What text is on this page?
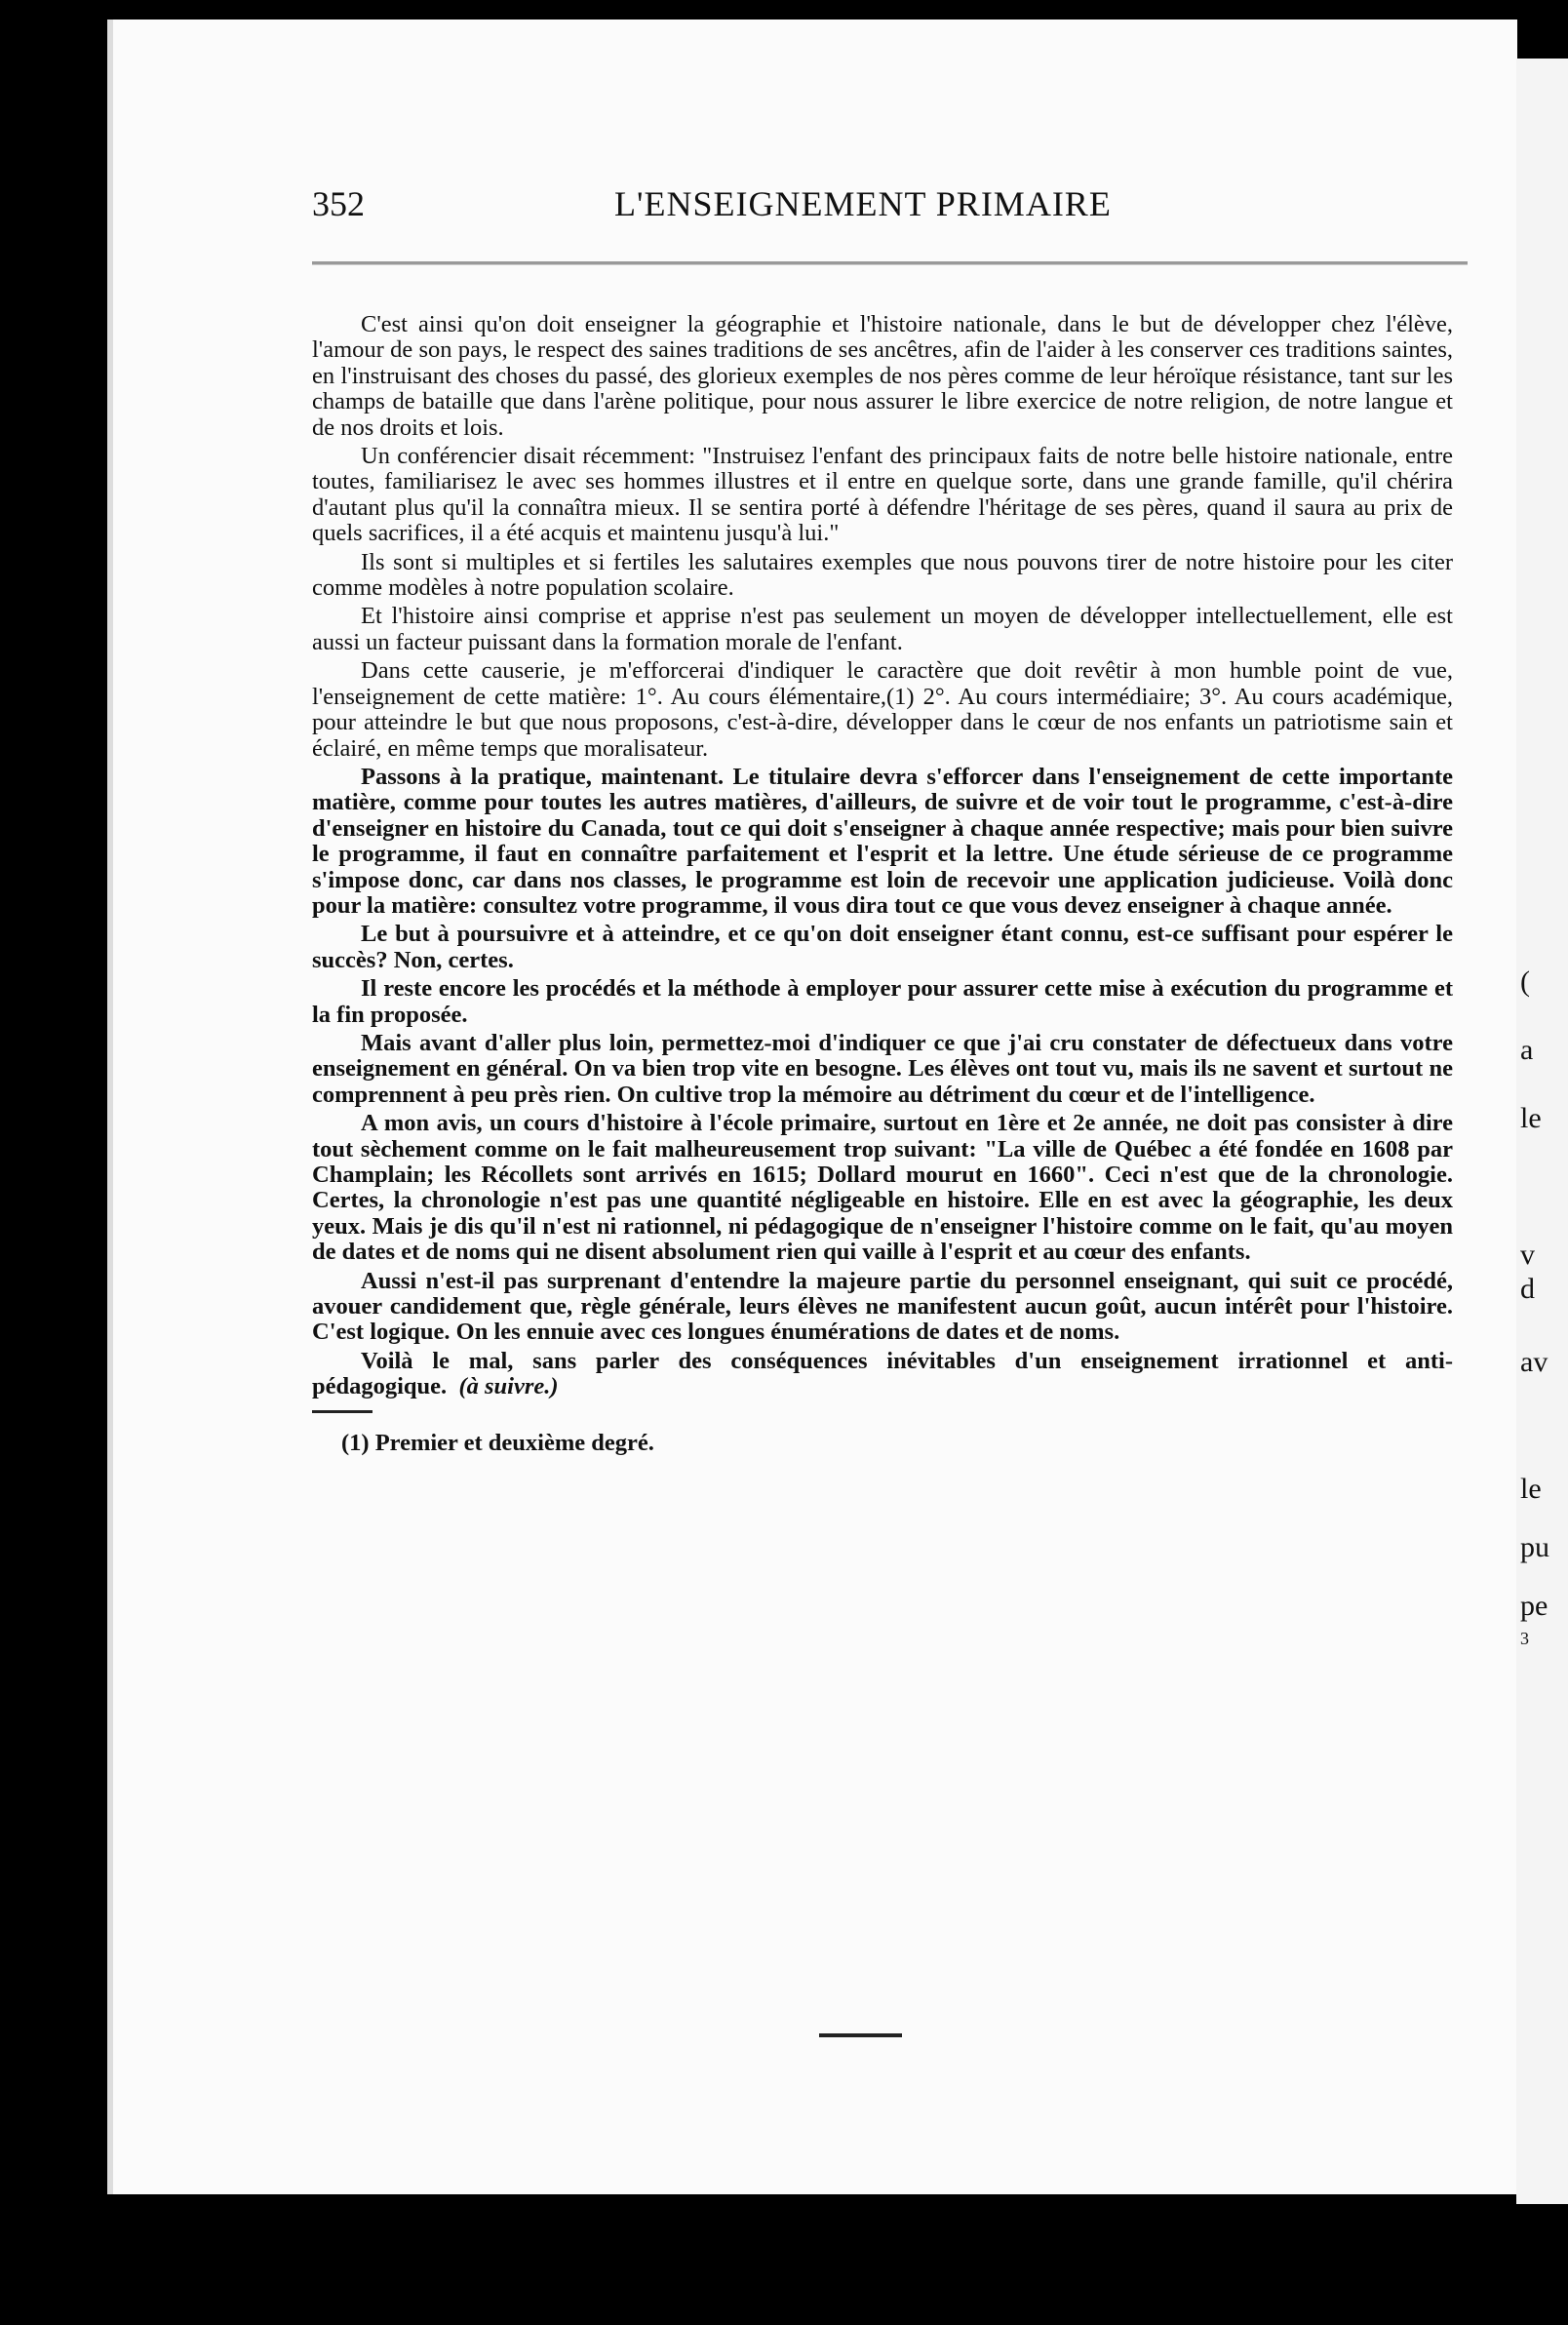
(
a
le
v
d
av
le
pu
pe
3
352	L'ENSEIGNEMENT PRIMAIRE

C'est ainsi qu'on doit enseigner la géographie et l'histoire nationale, dans le but de développer chez l'élève, l'amour de son pays, le respect des saines traditions de ses ancêtres, afin de l'aider à les conserver ces traditions saintes, en l'instruisant des choses du passé, des glorieux exemples de nos pères comme de leur héroïque résistance, tant sur les champs de bataille que dans l'arène politique, pour nous assurer le libre exercice de notre religion, de notre langue et de nos droits et lois.

Un conférencier disait récemment: "Instruisez l'enfant des principaux faits de notre belle histoire nationale, entre toutes, familiarisez le avec ses hommes illustres et il entre en quelque sorte, dans une grande famille, qu'il chérira d'autant plus qu'il la connaîtra mieux. Il se sentira porté à défendre l'héritage de ses pères, quand il saura au prix de quels sacrifices, il a été acquis et maintenu jusqu'à lui."

Ils sont si multiples et si fertiles les salutaires exemples que nous pouvons tirer de notre histoire pour les citer comme modèles à notre population scolaire.

Et l'histoire ainsi comprise et apprise n'est pas seulement un moyen de développer intellectuellement, elle est aussi un facteur puissant dans la formation morale de l'enfant.

Dans cette causerie, je m'efforcerai d'indiquer le caractère que doit revêtir à mon humble point de vue, l'enseignement de cette matière: 1°. Au cours élémentaire,(1) 2°. Au cours intermédiaire; 3°. Au cours académique, pour atteindre le but que nous proposons, c'est-à-dire, développer dans le cœur de nos enfants un patriotisme sain et éclairé, en même temps que moralisateur.

Passons à la pratique, maintenant. Le titulaire devra s'efforcer dans l'enseignement de cette importante matière, comme pour toutes les autres matières, d'ailleurs, de suivre et de voir tout le programme, c'est-à-dire d'enseigner en histoire du Canada, tout ce qui doit s'enseigner à chaque année respective; mais pour bien suivre le programme, il faut en connaître parfaitement et l'esprit et la lettre. Une étude sérieuse de ce programme s'impose donc, car dans nos classes, le programme est loin de recevoir une application judicieuse. Voilà donc pour la matière: consultez votre programme, il vous dira tout ce que vous devez enseigner à chaque année.

Le but à poursuivre et à atteindre, et ce qu'on doit enseigner étant connu, est-ce suffisant pour espérer le succès? Non, certes.

Il reste encore les procédés et la méthode à employer pour assurer cette mise à exécution du programme et la fin proposée.

Mais avant d'aller plus loin, permettez-moi d'indiquer ce que j'ai cru constater de défectueux dans votre enseignement en général. On va bien trop vite en besogne. Les élèves ont tout vu, mais ils ne savent et surtout ne comprennent à peu près rien. On cultive trop la mémoire au détriment du cœur et de l'intelligence.

A mon avis, un cours d'histoire à l'école primaire, surtout en 1ère et 2e année, ne doit pas consister à dire tout sèchement comme on le fait malheureusement trop suivant: "La ville de Québec a été fondée en 1608 par Champlain; les Récollets sont arrivés en 1615; Dollard mourut en 1660". Ceci n'est que de la chronologie. Certes, la chronologie n'est pas une quantité négligeable en histoire. Elle en est avec la géographie, les deux yeux. Mais je dis qu'il n'est ni rationnel, ni pédagogique de n'enseigner l'histoire comme on le fait, qu'au moyen de dates et de noms qui ne disent absolument rien qui vaille à l'esprit et au cœur des enfants.

Aussi n'est-il pas surprenant d'entendre la majeure partie du personnel enseignant, qui suit ce procédé, avouer candidement que, règle générale, leurs élèves ne manifestent aucun goût, aucun intérêt pour l'histoire. C'est logique. On les ennuie avec ces longues énumérations de dates et de noms.

Voilà le mal, sans parler des conséquences inévitables d'un enseignement irrationnel et anti-pédagogique. (à suivre.)

(1) Premier et deuxième degré.
